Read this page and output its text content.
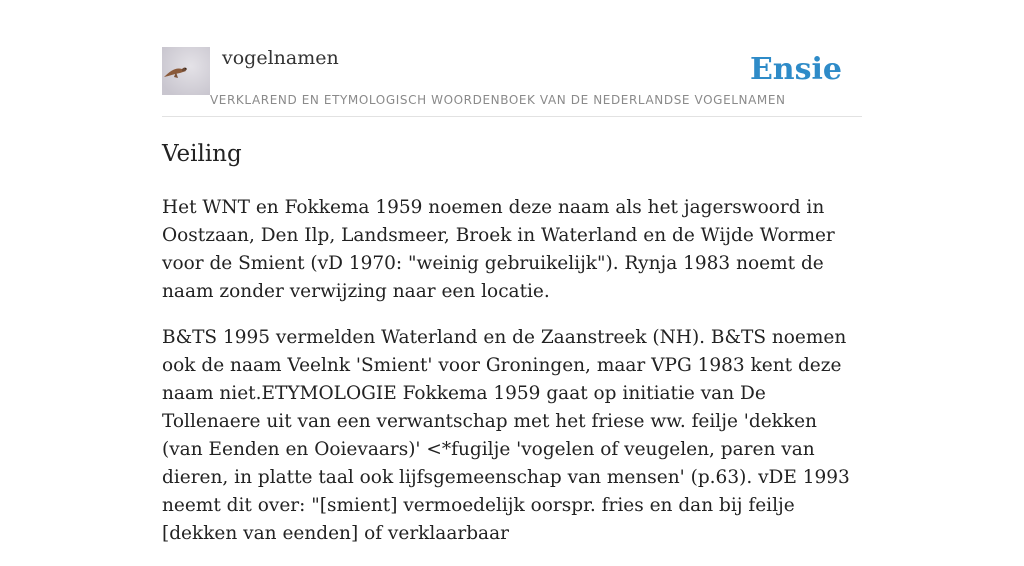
vogelnamen	Ensie
VERKLAREND EN ETYMOLOGISCH WOORDENBOEK VAN DE NEDERLANDSE VOGELNAMEN
Veiling

Het WNT en Fokkema 1959 noemen deze naam als het jagerswoord in Oostzaan, Den Ilp, Landsmeer, Broek in Waterland en de Wijde Wormer voor de Smient (vD 1970: "weinig gebruikelijk"). Rynja 1983 noemt de naam zonder verwijzing naar een locatie.

B&TS 1995 vermelden Waterland en de Zaanstreek (NH). B&TS noemen ook de naam Veelnk 'Smient' voor Groningen, maar VPG 1983 kent deze naam niet.ETYMOLOGIE Fokkema 1959 gaat op initiatie van De Tollenaere uit van een verwantschap met het friese ww. feilje 'dekken (van Eenden en Ooievaars)' <*fugilje 'vogelen of veugelen, paren van dieren, in platte taal ook lijfsgemeenschap van mensen' (p.63). vDE 1993 neemt dit over: "[smient] vermoedelijk oorspr. fries en dan bij feilje [dekken van eenden] of verklaarbaar
